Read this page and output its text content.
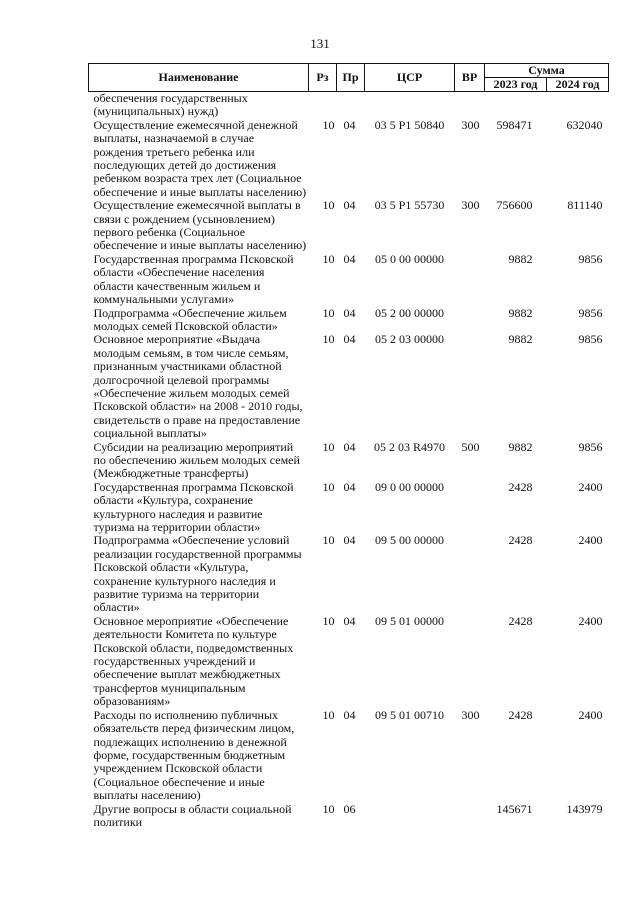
131
Наименование	Рз	Пр	ЦСР	ВР	Сумма	
					2023 год	2024 год
обеспечения государственных (муниципальных) нужд)						
Осуществление ежемесячной денежной выплаты, назначаемой в случае рождения третьего ребенка или последующих детей до достижения ребенком возраста трех лет (Социальное обеспечение и иные выплаты населению)	10	04	03 5 P1 50840	300	598471	632040
Осуществление ежемесячной выплаты в связи с рождением (усыновлением) первого ребенка (Социальное обеспечение и иные выплаты населению)	10	04	03 5 P1 55730	300	756600	811140
Государственная программа Псковской области «Обеспечение населения области качественным жильем и коммунальными услугами»	10	04	05 0 00 00000		9882	9856
Подпрограмма «Обеспечение жильем молодых семей Псковской области»	10	04	05 2 00 00000		9882	9856
Основное мероприятие «Выдача молодым семьям, в том числе семьям, признанным участниками областной долгосрочной целевой программы «Обеспечение жильем молодых семей Псковской области» на 2008 - 2010 годы, свидетельств о праве на предоставление социальной выплаты»	10	04	05 2 03 00000		9882	9856
Субсидии на реализацию мероприятий по обеспечению жильем молодых семей (Межбюджетные трансферты)	10	04	05 2 03 R4970	500	9882	9856
Государственная программа Псковской области «Культура, сохранение культурного наследия и развитие туризма на территории области»	10	04	09 0 00 00000		2428	2400
Подпрограмма «Обеспечение условий реализации государственной программы Псковской области «Культура, сохранение культурного наследия и развитие туризма на территории области»	10	04	09 5 00 00000		2428	2400
Основное мероприятие «Обеспечение деятельности Комитета по культуре Псковской области, подведомственных государственных учреждений и обеспечение выплат межбюджетных трансфертов муниципальным образованиям»	10	04	09 5 01 00000		2428	2400
Расходы по исполнению публичных обязательств перед физическим лицом, подлежащих исполнению в денежной форме, государственным бюджетным учреждением Псковской области (Социальное обеспечение и иные выплаты населению)	10	04	09 5 01 00710	300	2428	2400
Другие вопросы в области социальной политики	10	06			145671	143979
